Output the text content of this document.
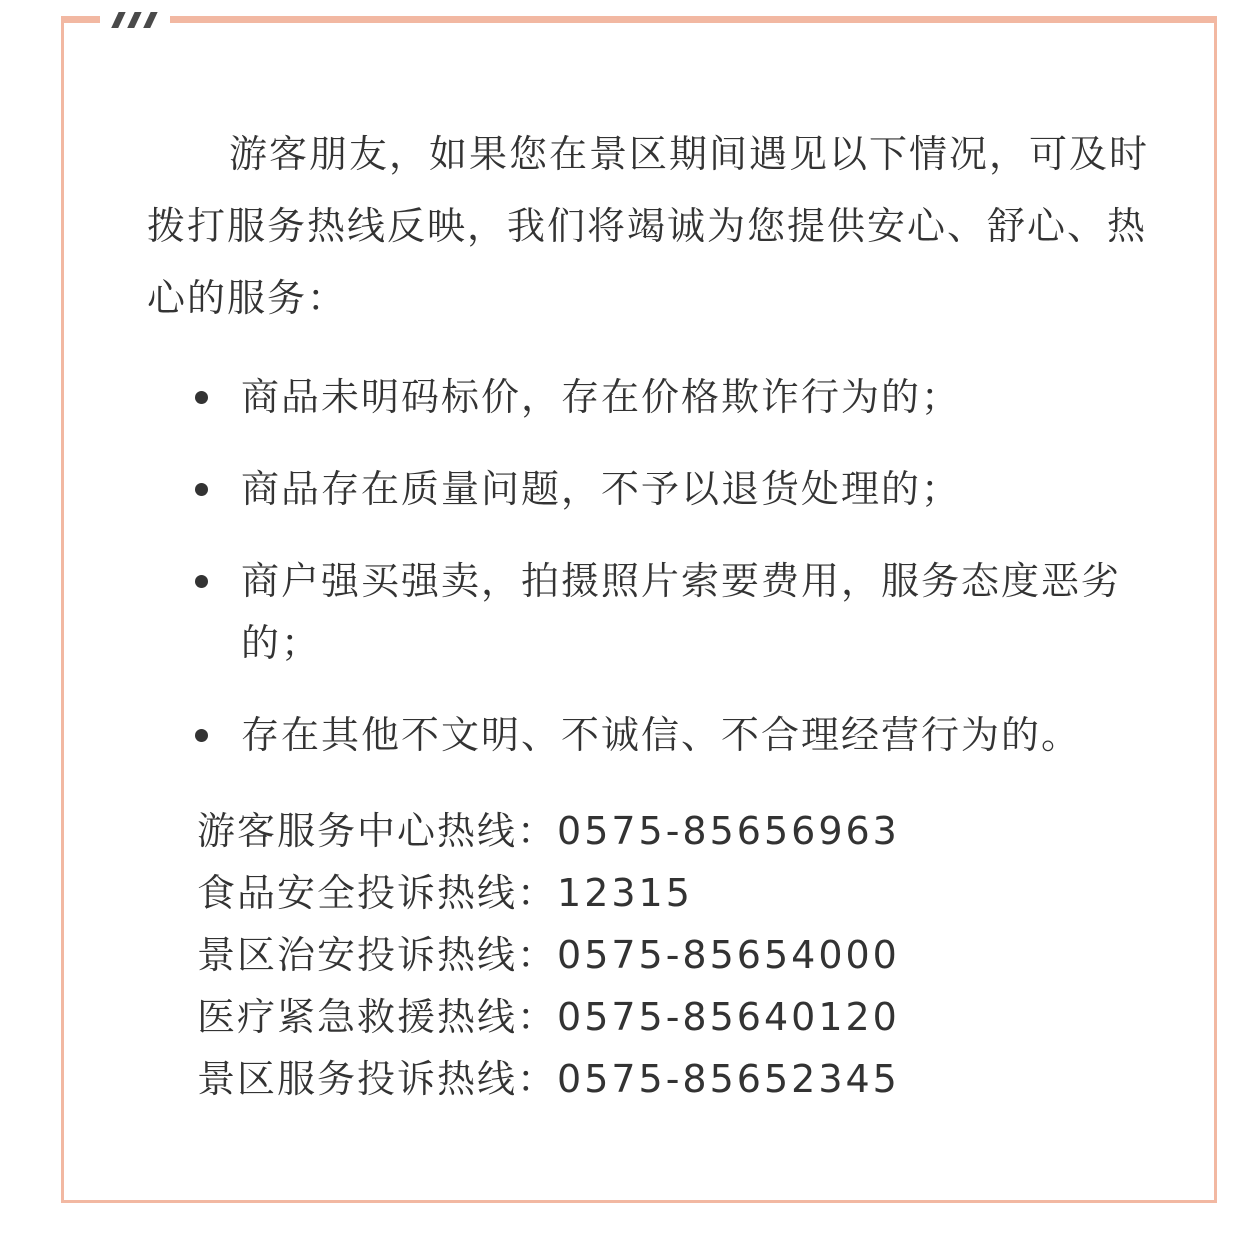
游客朋友，如果您在景区期间遇见以下情况，可及时拨打服务热线反映，我们将竭诚为您提供安心、舒心、热心的服务：

商品未明码标价，存在价格欺诈行为的；
商品存在质量问题，不予以退货处理的；
商户强买强卖，拍摄照片索要费用，服务态度恶劣的；
存在其他不文明、不诚信、不合理经营行为的。
游客服务中心热线：0575-85656963
食品安全投诉热线：12315
景区治安投诉热线：0575-85654000
医疗紧急救援热线：0575-85640120
景区服务投诉热线：0575-85652345
